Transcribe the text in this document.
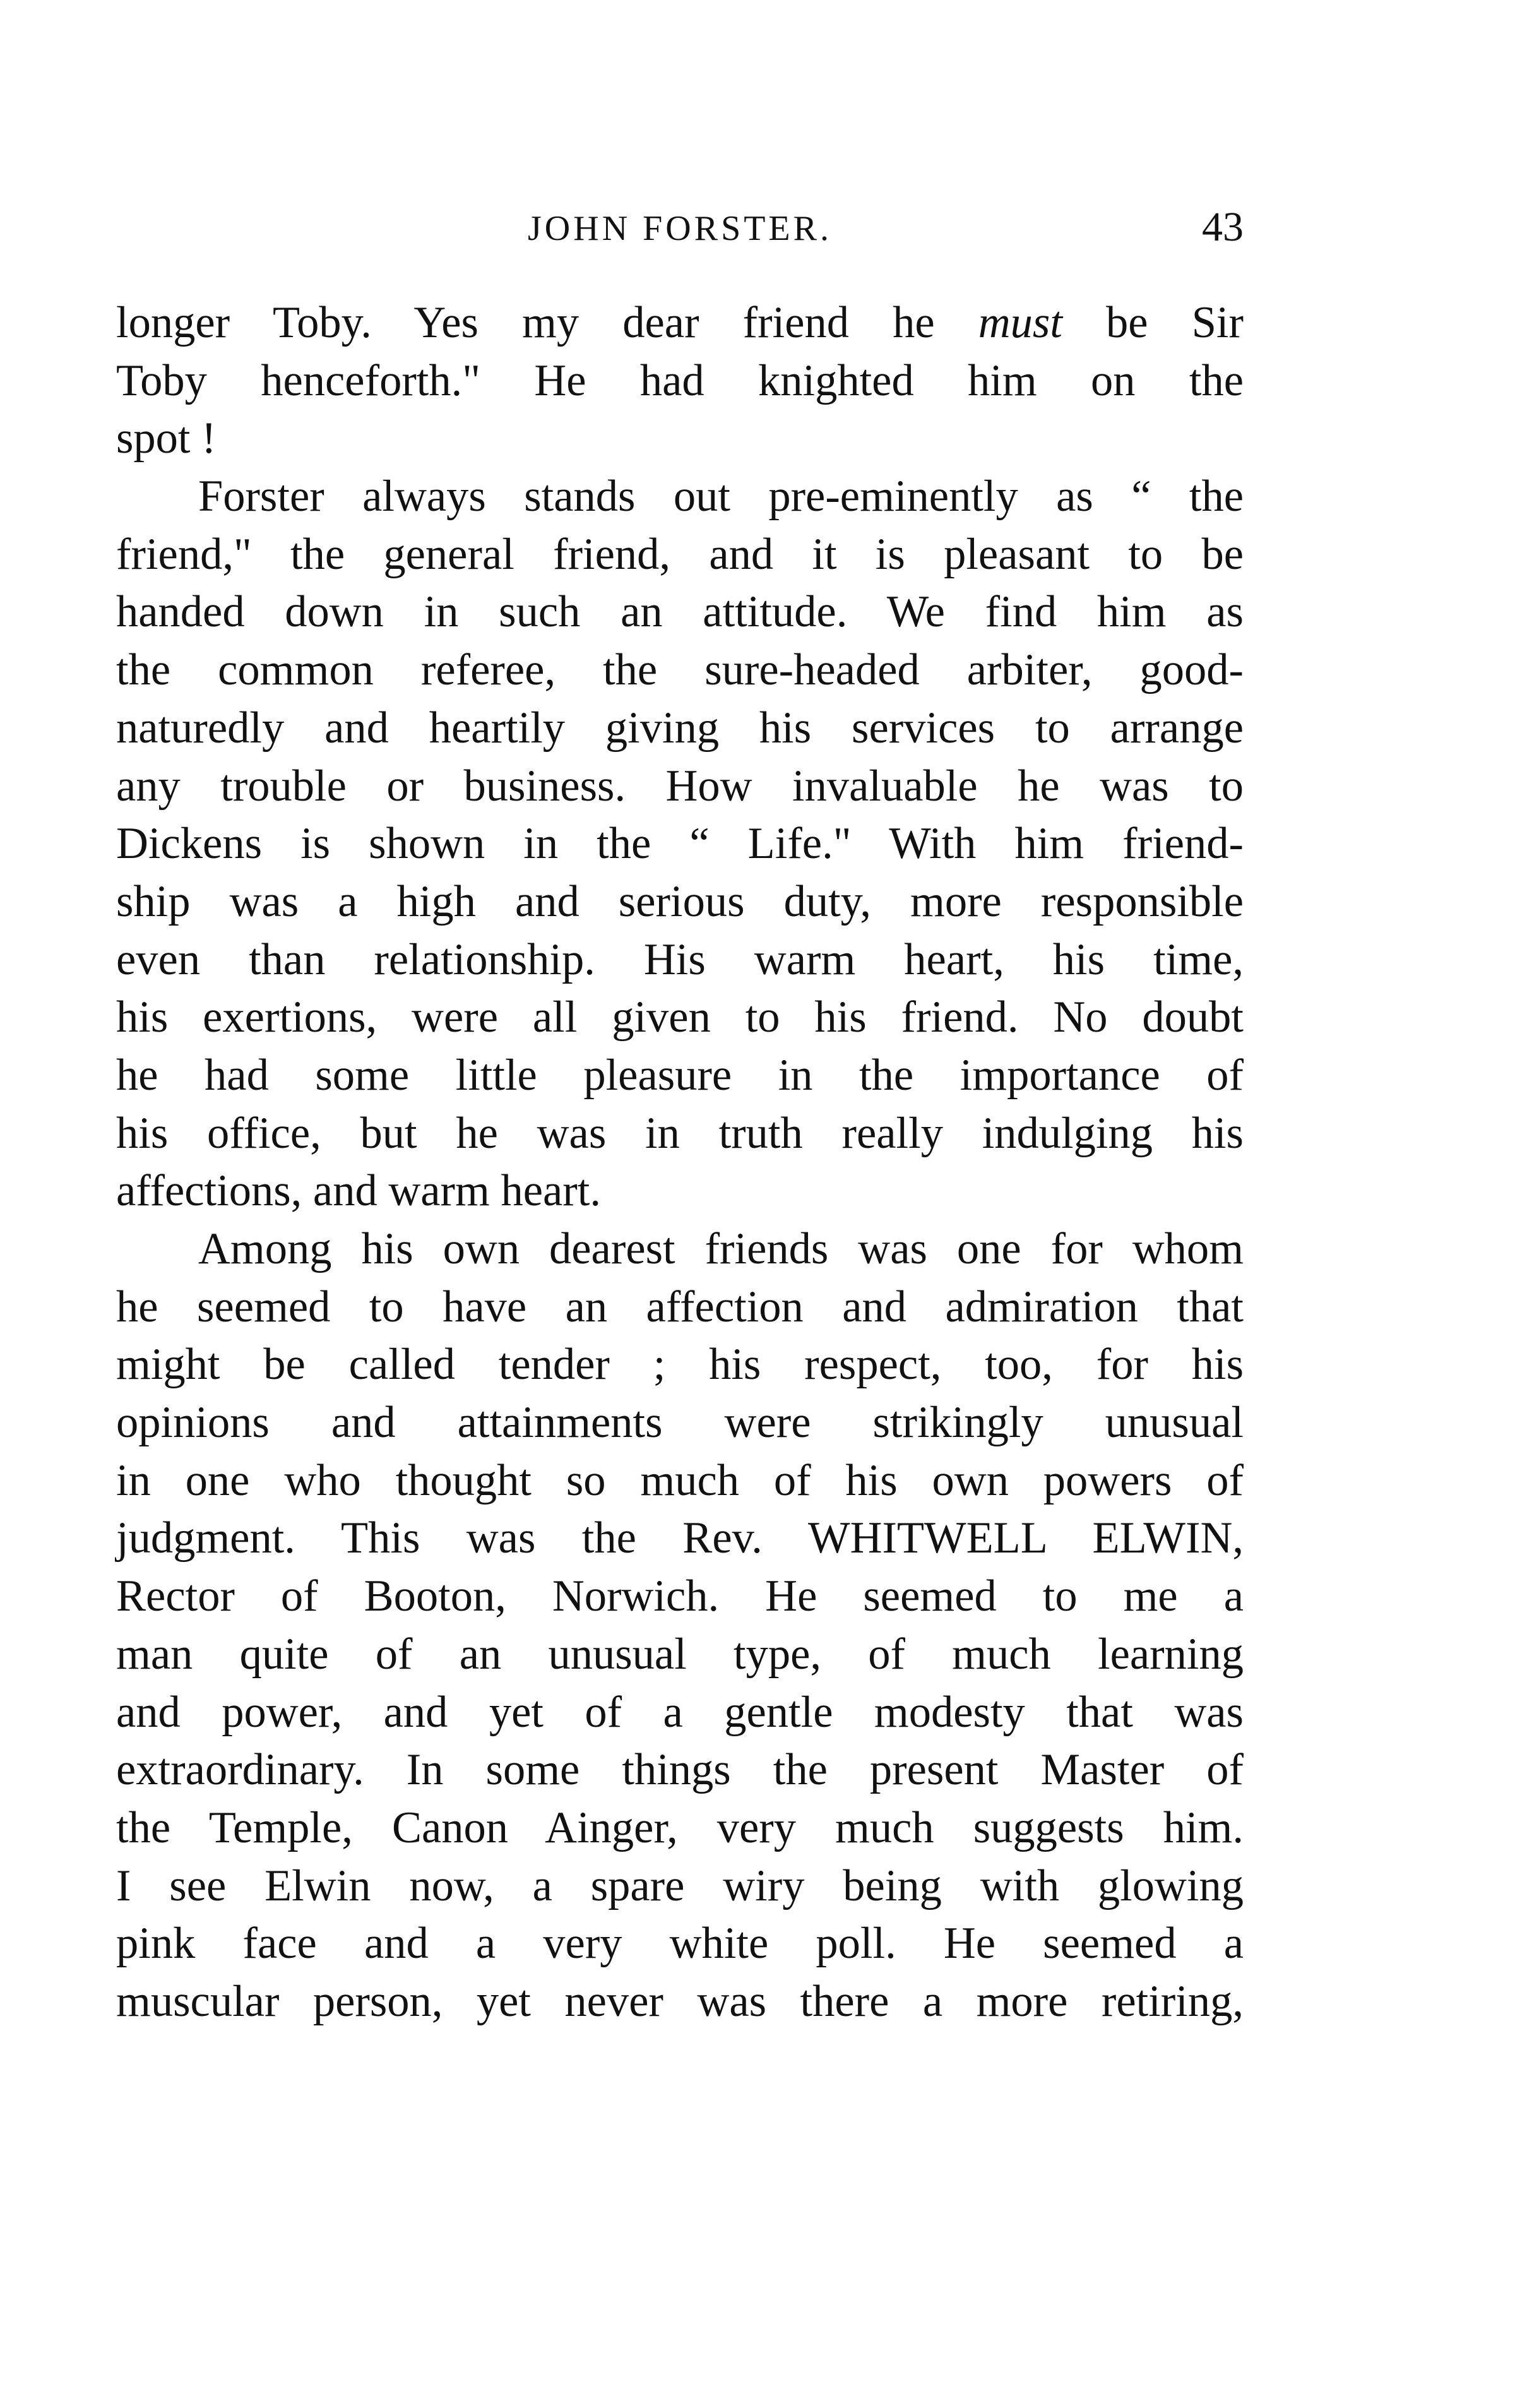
JOHN FORSTER.	43
longer Toby. Yes my dear friend he must be Sir
Toby henceforth." He had knighted him on the
spot !
Forster always stands out pre-eminently as “ the
friend," the general friend, and it is pleasant to be
handed down in such an attitude. We find him as
the common referee, the sure-headed arbiter, good-
naturedly and heartily giving his services to arrange
any trouble or business. How invaluable he was to
Dickens is shown in the “ Life." With him friend-
ship was a high and serious duty, more responsible
even than relationship. His warm heart, his time,
his exertions, were all given to his friend. No doubt
he had some little pleasure in the importance of
his office, but he was in truth really indulging his
affections, and warm heart.
Among his own dearest friends was one for whom
he seemed to have an affection and admiration that
might be called tender ; his respect, too, for his
opinions and attainments were strikingly unusual
in one who thought so much of his own powers of
judgment. This was the Rev. WHITWELL ELWIN,
Rector of Booton, Norwich. He seemed to me a
man quite of an unusual type, of much learning
and power, and yet of a gentle modesty that was
extraordinary. In some things the present Master of
the Temple, Canon Ainger, very much suggests him.
I see Elwin now, a spare wiry being with glowing
pink face and a very white poll. He seemed a
muscular person, yet never was there a more retiring,
